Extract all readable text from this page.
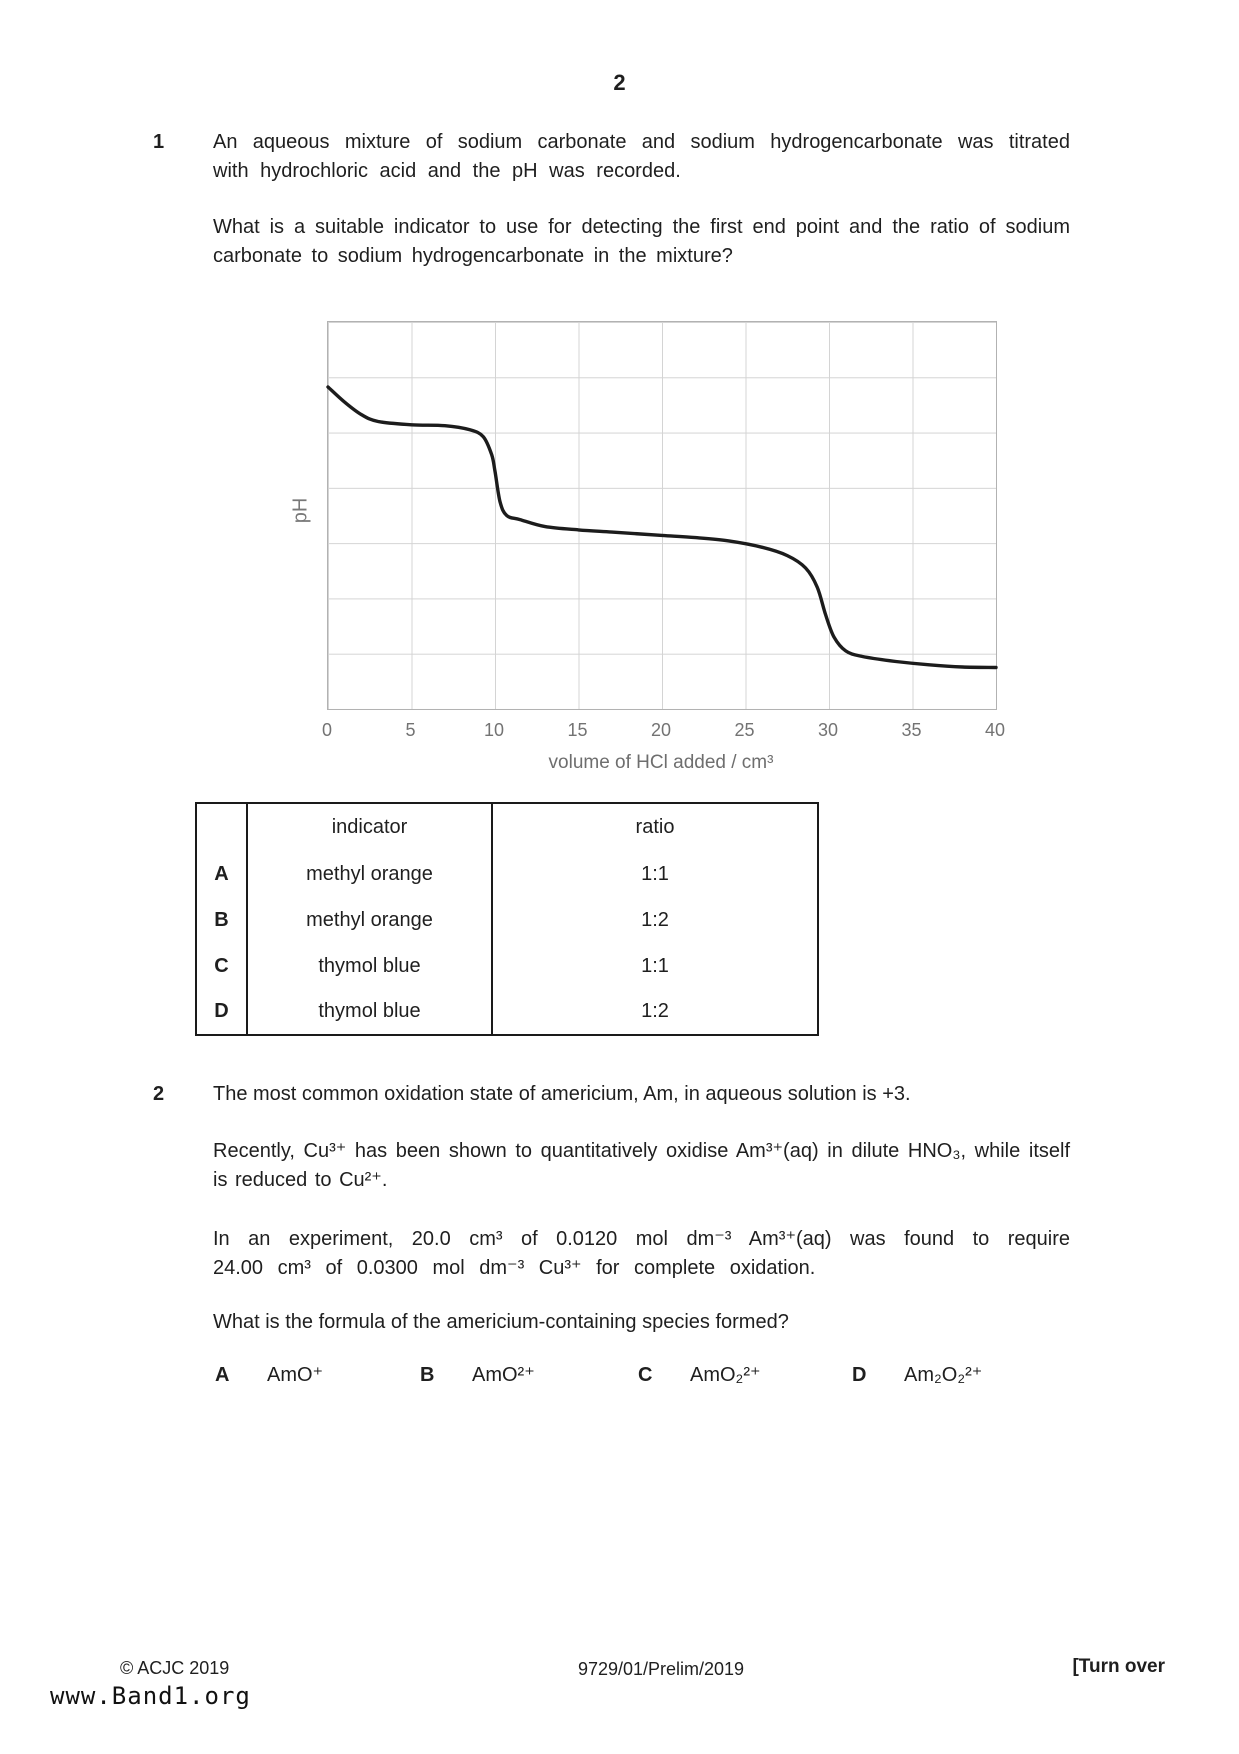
2
1 An aqueous mixture of sodium carbonate and sodium hydrogencarbonate was titrated with hydrochloric acid and the pH was recorded.
What is a suitable indicator to use for detecting the first end point and the ratio of sodium carbonate to sodium hydrogencarbonate in the mixture?
pH
0	5	10	15	20	25	30	35	40
volume of HCl added / cm³
	indicator	ratio
A	methyl orange	1:1
B	methyl orange	1:2
C	thymol blue	1:1
D	thymol blue	1:2
2 The most common oxidation state of americium, Am, in aqueous solution is +3.
Recently, Cu³⁺ has been shown to quantitatively oxidise Am³⁺(aq) in dilute HNO₃, while itself is reduced to Cu²⁺.
In an experiment, 20.0 cm³ of 0.0120 mol dm⁻³ Am³⁺(aq) was found to require 24.00 cm³ of 0.0300 mol dm⁻³ Cu³⁺ for complete oxidation.
What is the formula of the americium-containing species formed?
A AmO⁺	B AmO²⁺	C AmO₂²⁺	D Am₂O₂²⁺
© ACJC 2019	9729/01/Prelim/2019	[Turn over
www.Band1.org
